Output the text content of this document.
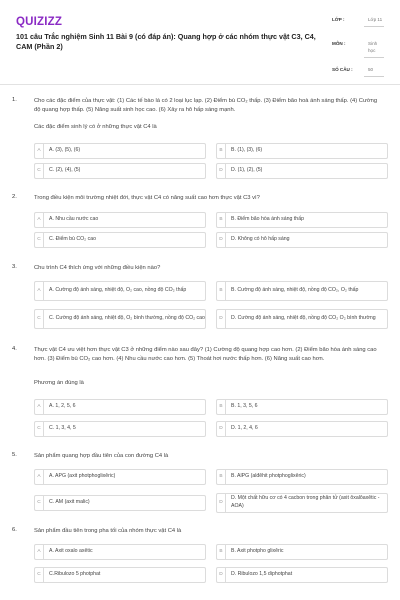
QUIZIZZ
101 câu Trắc nghiệm Sinh 11 Bài 9 (có đáp án): Quang hợp ở các nhóm thực vật C3, C4, CAM (Phần 2)
LỚP :	Lớp 11
MÔN :	Sinh học
SỐ CÂU :	50
1.	Cho các đặc điểm của thực vật: (1) Các tế bào lá có 2 loại lục lạp. (2) Điểm bù CO₂ thấp. (3) Điểm bão hoà ánh sáng thấp. (4) Cường độ quang hợp thấp. (5) Năng suất sinh học cao. (6) Xảy ra hô hấp sáng mạnh.
Các đặc điểm sinh lý có ở những thực vật C4 là
A	A. (3), (5), (6)	B	B. (1), (3), (6)
C	C. (2), (4), (5)	D	D. (1), (2), (5)
2.	Trong điều kiện môi trường nhiệt đới, thực vật C4 có năng suất cao hơn thực vật C3 vì?
A	A. Nhu cầu nước cao	B	B. Điểm bão hòa ánh sáng thấp
C	C. Điểm bù CO₂ cao	D	D. Không có hô hấp sáng
3.	Chu trình C4 thích ứng với những điều kiện nào?
A	A. Cường độ ánh sáng, nhiệt độ, O₂ cao, nồng độ CO₂ thấp	B	B. Cường độ ánh sáng, nhiệt độ, nồng độ CO₂, O₂ thấp
C	C. Cường độ ánh sáng, nhiệt độ, O₂ bình thường, nồng độ CO₂ cao	D	D. Cường độ ánh sáng, nhiệt độ, nồng độ CO₂ O₂ bình thường
4.	Thực vật C4 ưu việt hơn thực vật C3 ở những điểm nào sau đây? (1) Cường độ quang hợp cao hơn. (2) Điểm bão hòa ánh sáng cao hơn. (3) Điểm bù CO₂ cao hơn. (4) Nhu cầu nước cao hơn. (5) Thoát hơi nước thấp hơn. (6) Năng suất cao hơn.
Phương án đúng là
A	A. 1, 2, 5, 6	B	B. 1, 3, 5, 6
C	C. 1, 3, 4, 5	D	D. 1, 2, 4, 6
5.	Sản phẩm quang hợp đầu tiên của con đường C4 là
A	A. APG (axit photphoglixêric)	B	B. AlPG (alđêhit photphoglixêric)
C	C. AM (axit malic)	D
D. Một chất hữu cơ có 4 cacbon trong phân tử (axit ôxalôaxêtic - AOA)
6.	Sản phẩm đầu tiên trong pha tối của nhóm thực vật C4 là
A	A. Axit oxalo axêtic	B	B. Axit photpho glixêric
C	C.Ribulozo 5 photphat	D	D. Ribulozo 1,5 diphotphat
